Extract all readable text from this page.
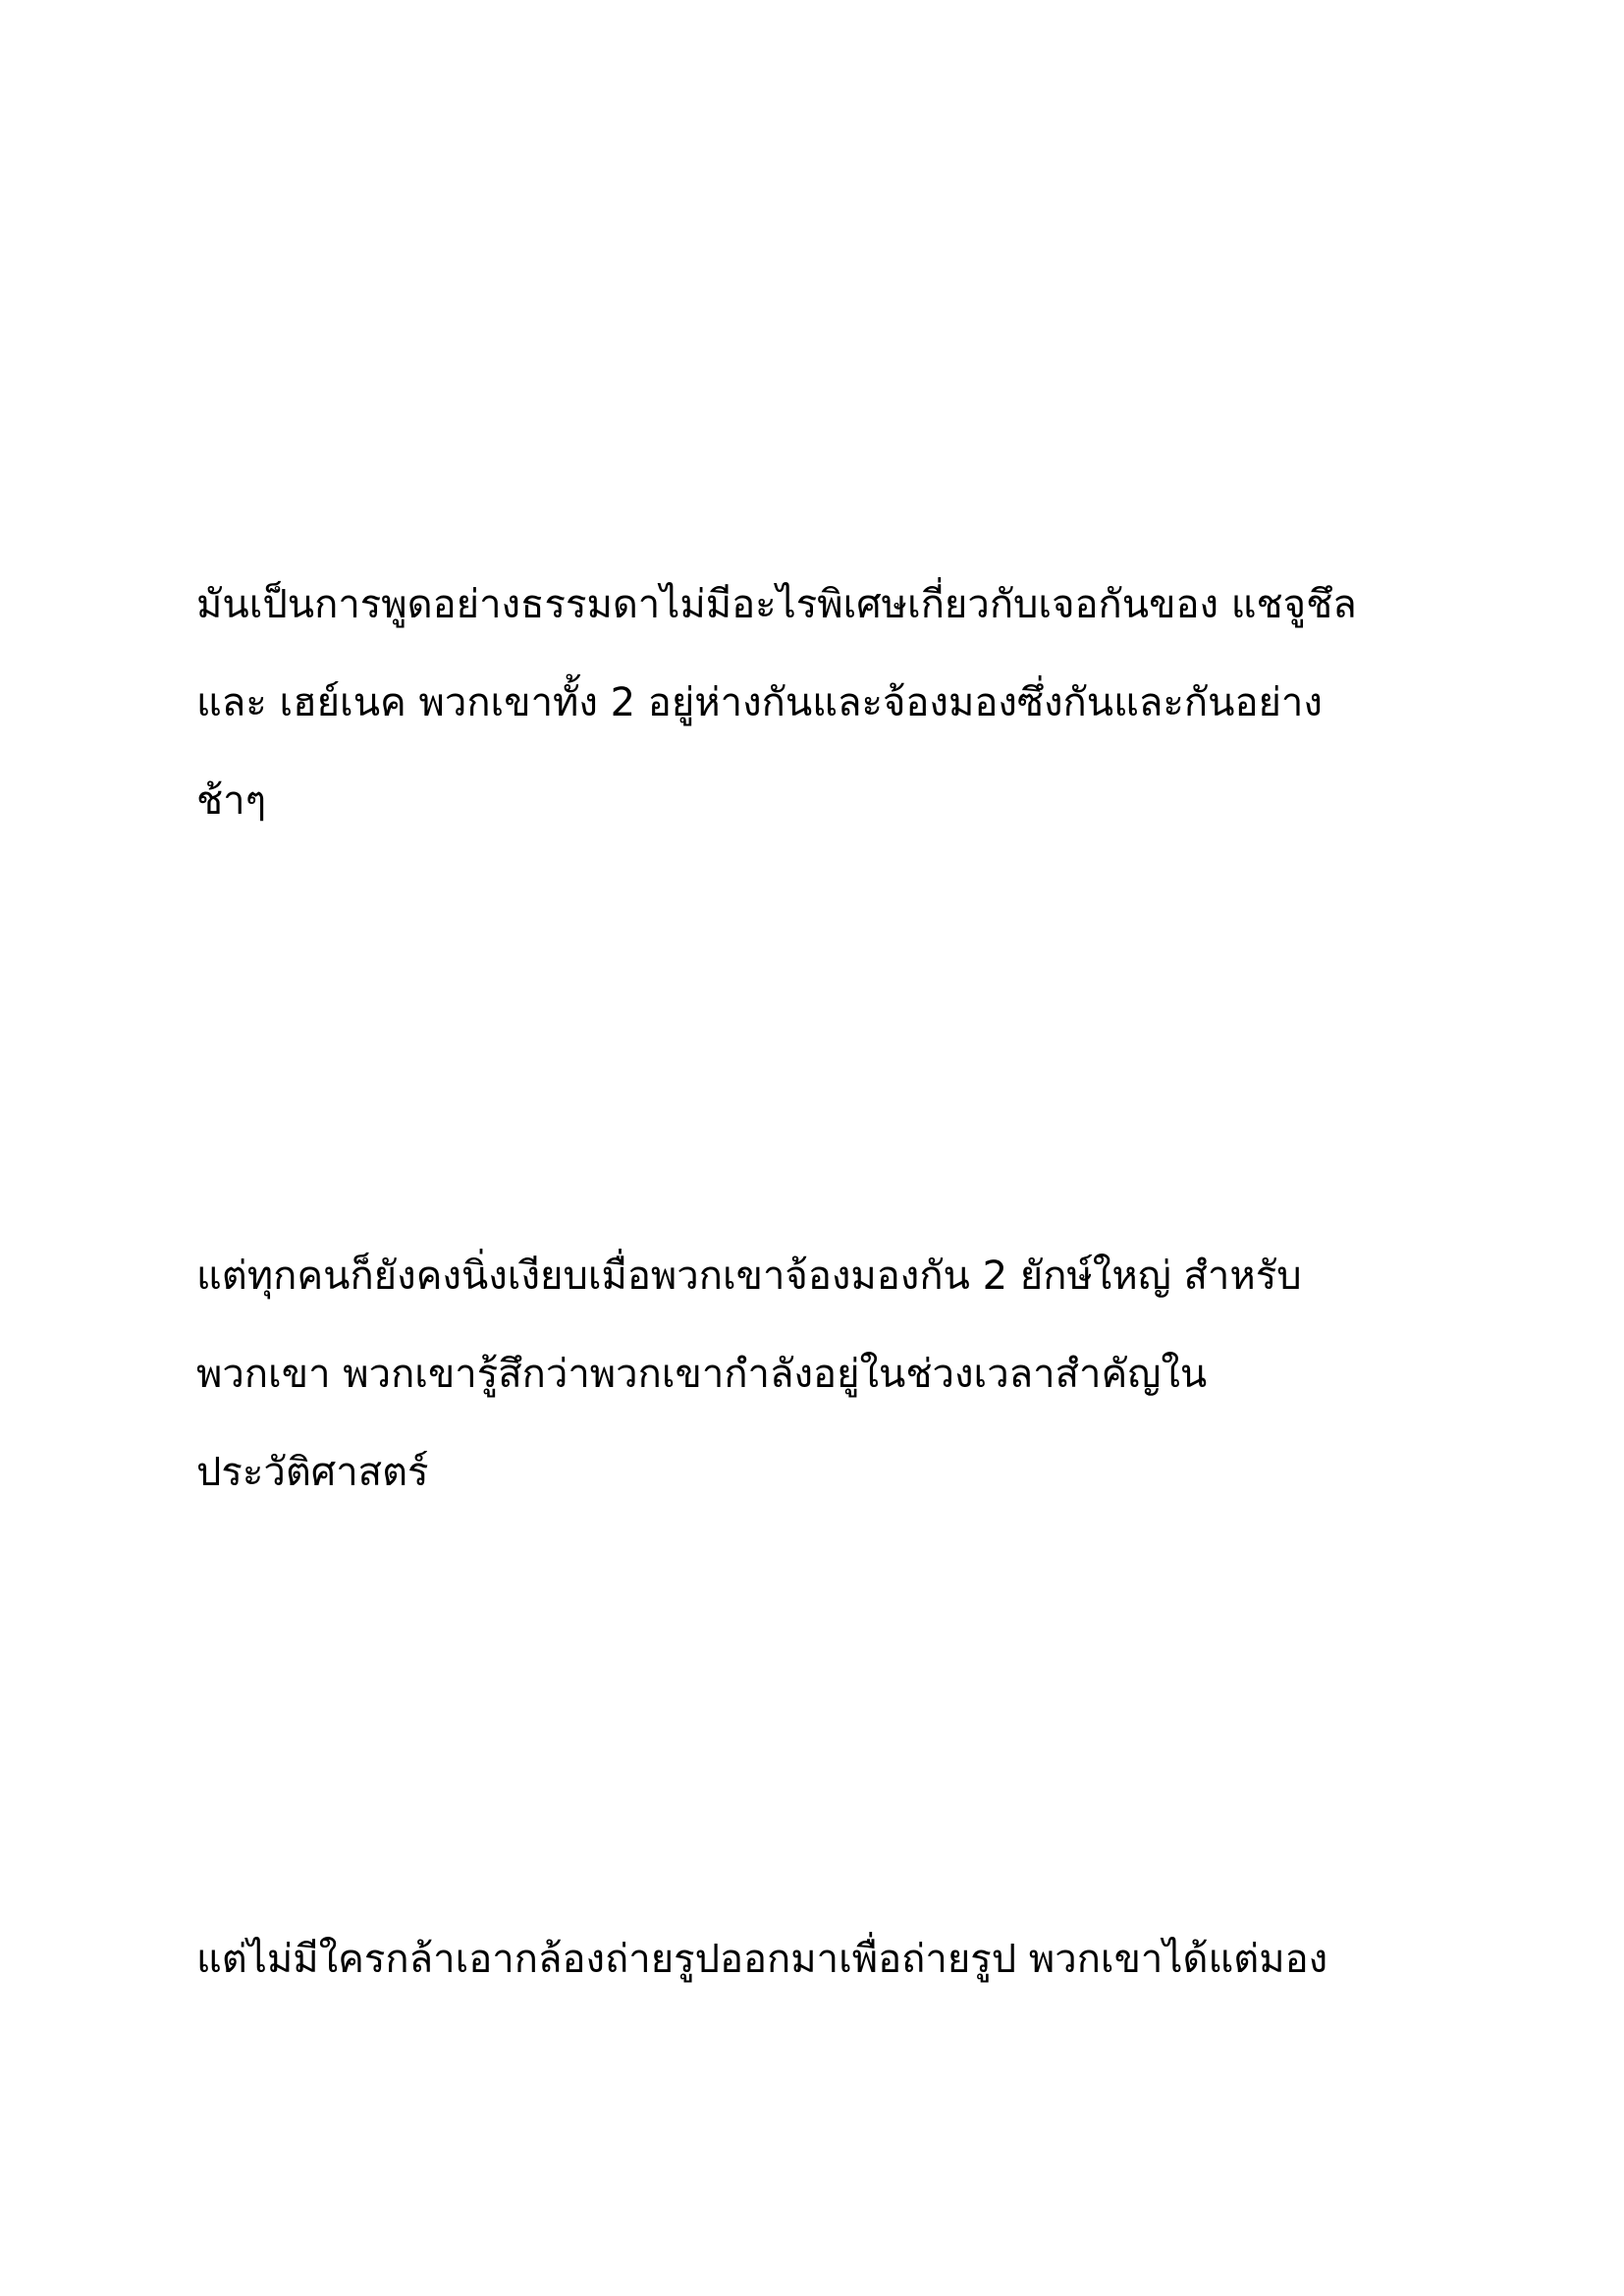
มันเป็นการพูดอย่างธรรมดาไม่มีอะไรพิเศษเกี่ยวกับเจอกันของ แชจูชึล

และ เฮย์เนค พวกเขาทั้ง 2 อยู่ห่างกันและจ้องมองซึ่งกันและกันอย่าง

ช้าๆ

แต่ทุกคนก็ยังคงนิ่งเงียบเมื่อพวกเขาจ้องมองกัน 2 ยักษ์ใหญ่ สำหรับ

พวกเขา พวกเขารู้สึกว่าพวกเขากำลังอยู่ในช่วงเวลาสำคัญใน

ประวัติศาสตร์

แต่ไม่มีใครกล้าเอากล้องถ่ายรูปออกมาเพื่อถ่ายรูป พวกเขาได้แต่มอง
